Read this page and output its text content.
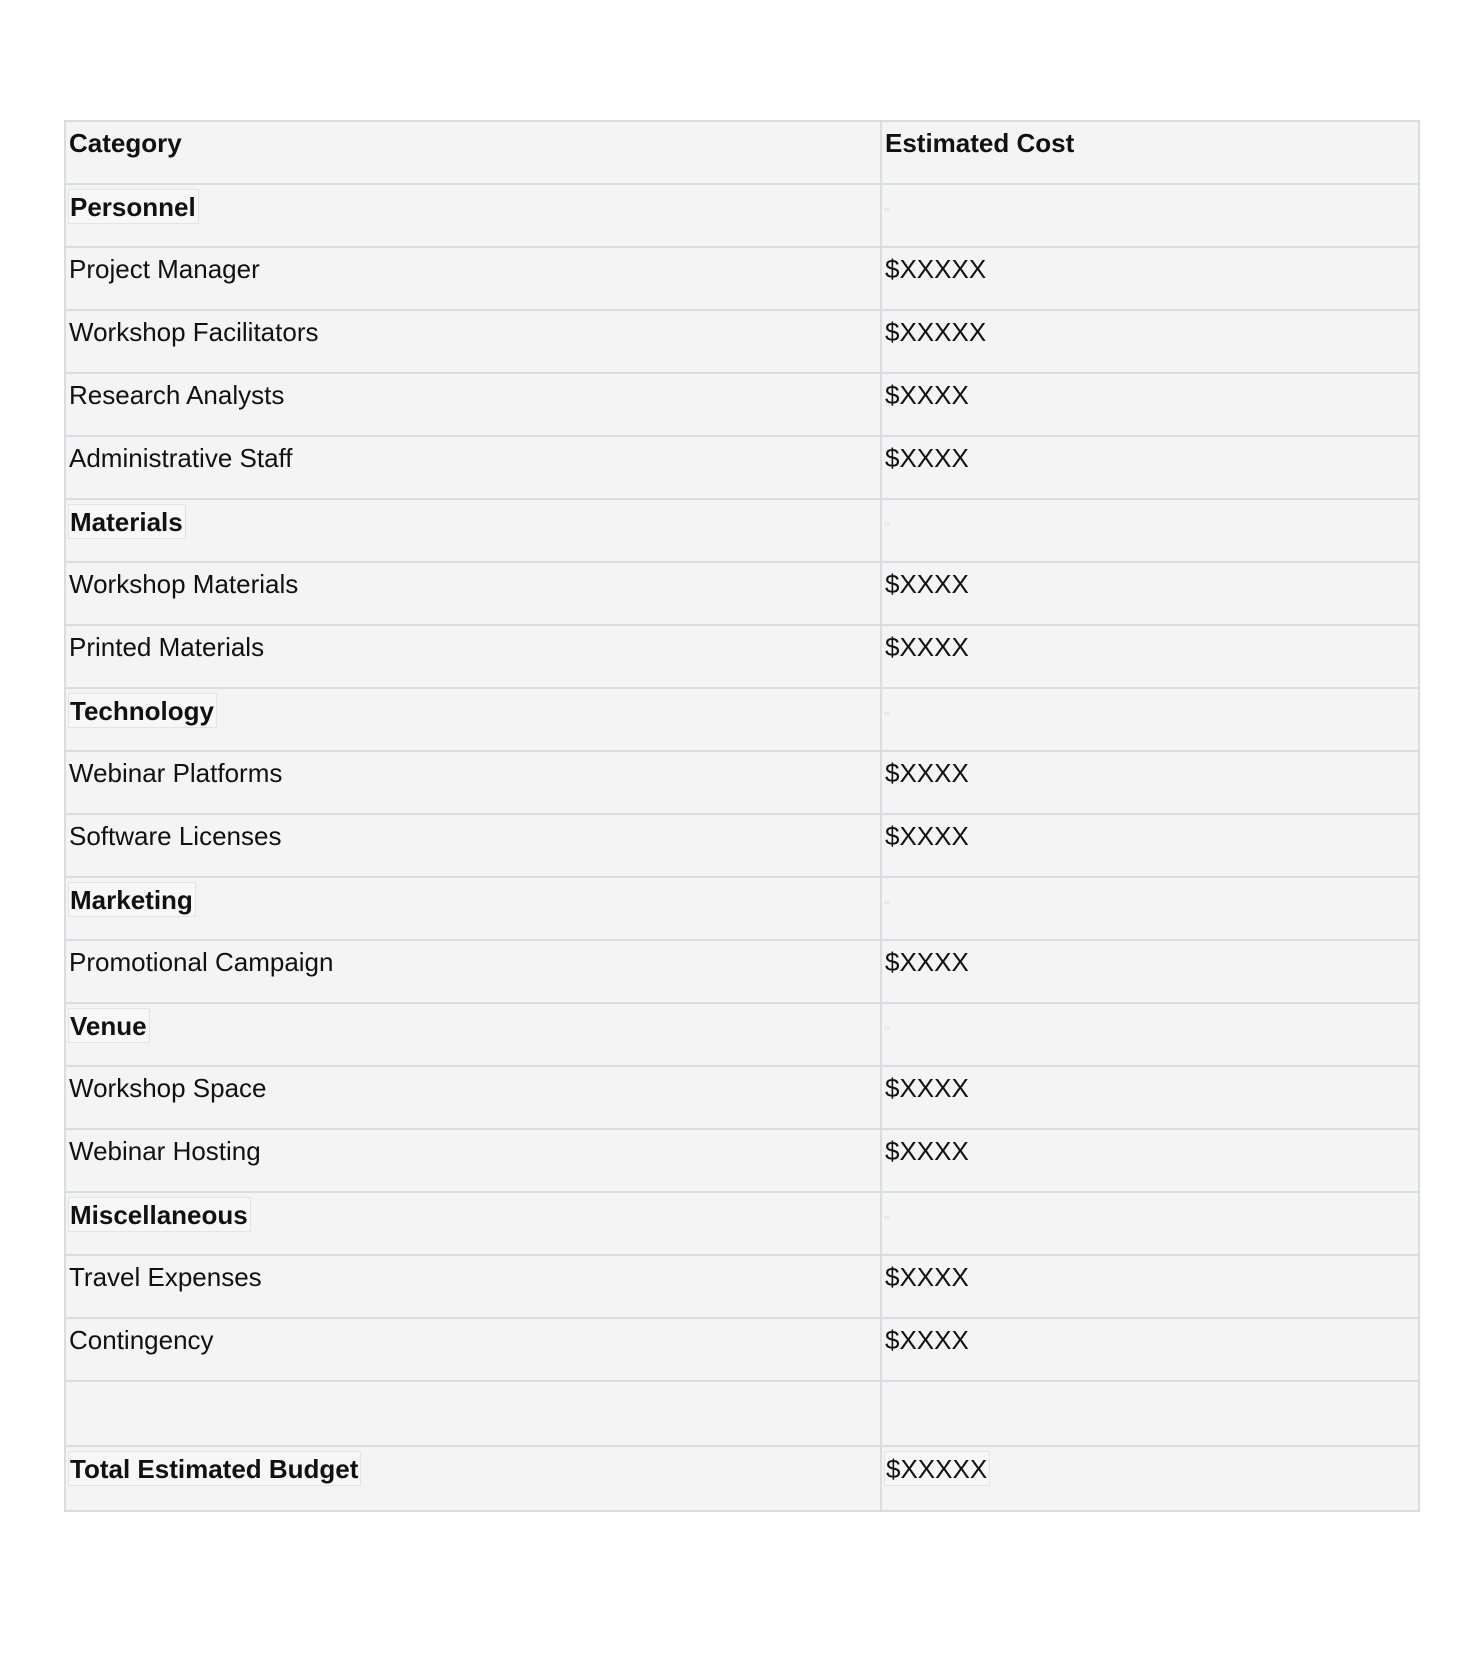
Category	Estimated Cost
Personnel	
Project Manager	$XXXXX
Workshop Facilitators	$XXXXX
Research Analysts	$XXXX
Administrative Staff	$XXXX
Materials	
Workshop Materials	$XXXX
Printed Materials	$XXXX
Technology	
Webinar Platforms	$XXXX
Software Licenses	$XXXX
Marketing	
Promotional Campaign	$XXXX
Venue	
Workshop Space	$XXXX
Webinar Hosting	$XXXX
Miscellaneous	
Travel Expenses	$XXXX
Contingency	$XXXX

Total Estimated Budget	$XXXXX
